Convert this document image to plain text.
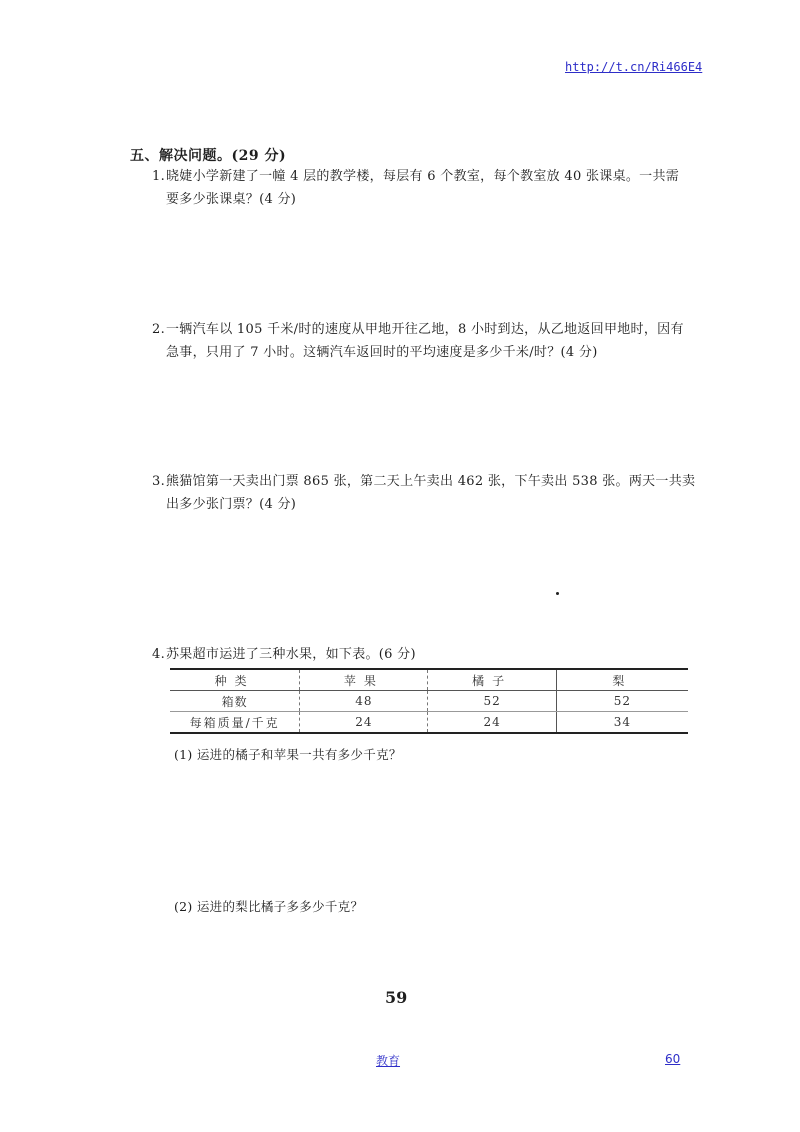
http://t.cn/Ri466E4
五、解决问题。(29 分)
1.晓婕小学新建了一幢 4 层的教学楼，每层有 6 个教室，每个教室放 40 张课桌。一共需
要多少张课桌？(4 分)
2.一辆汽车以 105 千米/时的速度从甲地开往乙地，8 小时到达，从乙地返回甲地时，因有
急事，只用了 7 小时。这辆汽车返回时的平均速度是多少千米/时？(4 分)
3.熊猫馆第一天卖出门票 865 张，第二天上午卖出 462 张，下午卖出 538 张。两天一共卖
出多少张门票？(4 分)
4.苏果超市运进了三种水果，如下表。(6 分)
种类	苹果	橘子	梨
箱数	48	52	52
每箱质量/千克	24	24	34
(1) 运进的橘子和苹果一共有多少千克？
(2) 运进的梨比橘子多多少千克？
59
教育	60
